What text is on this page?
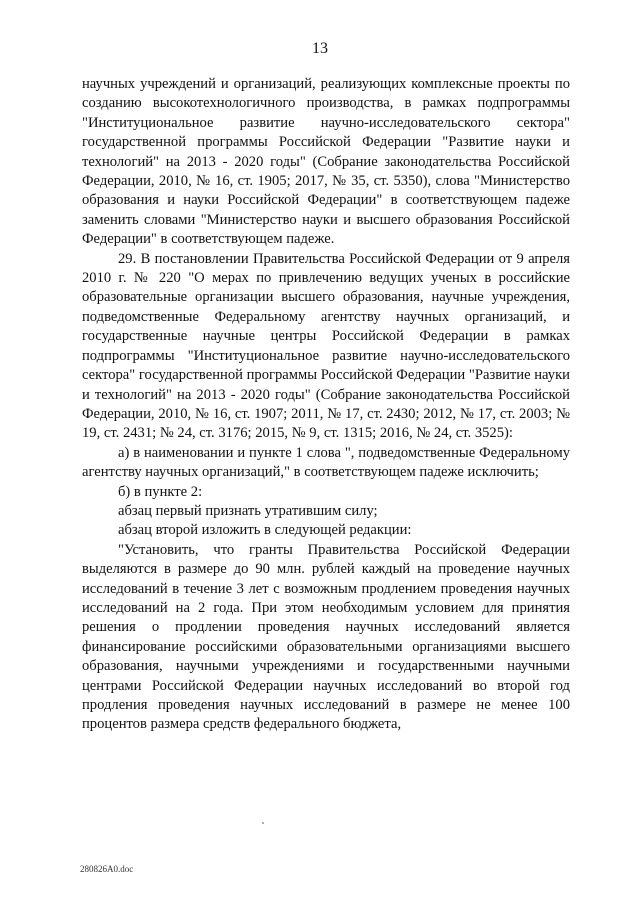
13

научных учреждений и организаций, реализующих комплексные проекты по созданию высокотехнологичного производства, в рамках подпрограммы "Институциональное развитие научно-исследовательского сектора" государственной программы Российской Федерации "Развитие науки и технологий" на 2013 - 2020 годы" (Собрание законодательства Российской Федерации, 2010, № 16, ст. 1905; 2017, № 35, ст. 5350), слова "Министерство образования и науки Российской Федерации" в соответствующем падеже заменить словами "Министерство науки и высшего образования Российской Федерации" в соответствующем падеже.

29. В постановлении Правительства Российской Федерации от 9 апреля 2010 г. № 220 "О мерах по привлечению ведущих ученых в российские образовательные организации высшего образования, научные учреждения, подведомственные Федеральному агентству научных организаций, и государственные научные центры Российской Федерации в рамках подпрограммы "Институциональное развитие научно-исследовательского сектора" государственной программы Российской Федерации "Развитие науки и технологий" на 2013 - 2020 годы" (Собрание законодательства Российской Федерации, 2010, № 16, ст. 1907; 2011, № 17, ст. 2430; 2012, № 17, ст. 2003; № 19, ст. 2431; № 24, ст. 3176; 2015, № 9, ст. 1315; 2016, № 24, ст. 3525):

а) в наименовании и пункте 1 слова ", подведомственные Федеральному агентству научных организаций," в соответствующем падеже исключить;

б) в пункте 2:

абзац первый признать утратившим силу;

абзац второй изложить в следующей редакции:

"Установить, что гранты Правительства Российской Федерации выделяются в размере до 90 млн. рублей каждый на проведение научных исследований в течение 3 лет с возможным продлением проведения научных исследований на 2 года. При этом необходимым условием для принятия решения о продлении проведения научных исследований является финансирование российскими образовательными организациями высшего образования, научными учреждениями и государственными научными центрами Российской Федерации научных исследований во второй год продления проведения научных исследований в размере не менее 100 процентов размера средств федерального бюджета,

280826A0.doc
